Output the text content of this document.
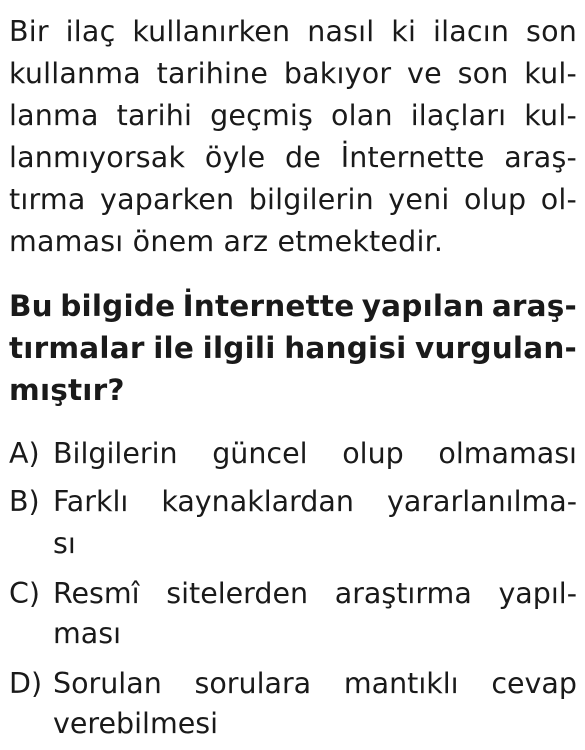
Bir ilaç kullanırken nasıl ki ilacın son
kullanma tarihine bakıyor ve son kul-
lanma tarihi geçmiş olan ilaçları kul-
lanmıyorsak öyle de İnternette araş-
tırma yaparken bilgilerin yeni olup ol-
maması önem arz etmektedir.
Bu bilgide İnternette yapılan araş-
tırmalar ile ilgili hangisi vurgulan-
mıştır?
A) Bilgilerin güncel olup olmaması
B) Farklı kaynaklardan yararlanılma-
sı
C) Resmî sitelerden araştırma yapıl-
ması
D) Sorulan sorulara mantıklı cevap
verebilmesi
